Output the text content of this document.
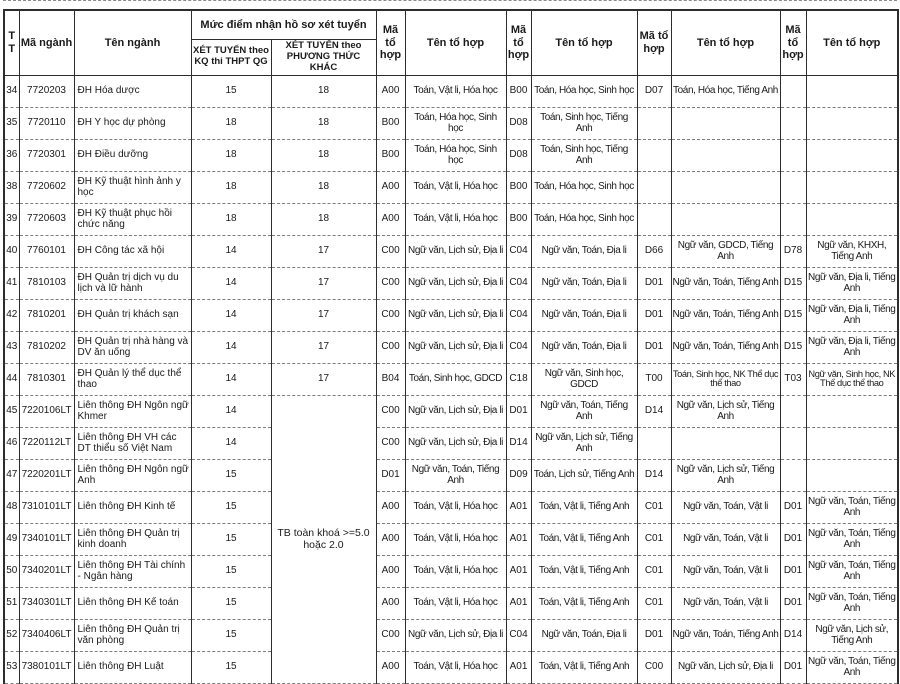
TT	Mã ngành	Tên ngành	Mức điểm nhận hồ sơ xét tuyển		Mã tổ hợp	Tên tổ hợp	Mã tổ hợp	Tên tổ hợp	Mã tổ hợp	Tên tổ hợp	Mã tổ hợp	Tên tổ hợp
			XÉT TUYỂN theo KQ thi THPT QG	XÉT TUYỂN theo PHƯƠNG THỨC KHÁC								
34	7720203	ĐH Hóa dược	15	18	A00	Toán, Vật li, Hóa học	B00	Toán, Hóa học, Sinh học	D07	Toán, Hóa học, Tiếng Anh		
35	7720110	ĐH Y học dự phòng	18	18	B00	Toán, Hóa học, Sinh học	D08	Toán, Sinh học, Tiếng Anh				
36	7720301	ĐH Điều dưỡng	18	18	B00	Toán, Hóa học, Sinh học	D08	Toán, Sinh học, Tiếng Anh				
38	7720602	ĐH Kỹ thuật hình ảnh y học	18	18	A00	Toán, Vật li, Hóa học	B00	Toán, Hóa học, Sinh học				
39	7720603	ĐH Kỹ thuật phục hồi chức năng	18	18	A00	Toán, Vật li, Hóa học	B00	Toán, Hóa học, Sinh học				
40	7760101	ĐH Công tác xã hội	14	17	C00	Ngữ văn, Lịch sử, Địa li	C04	Ngữ văn, Toán, Địa li	D66	Ngữ văn, GDCD, Tiếng Anh	D78	Ngữ văn, KHXH, Tiếng Anh
41	7810103	ĐH Quản trị dịch vụ du lịch và lữ hành	14	17	C00	Ngữ văn, Lịch sử, Địa li	C04	Ngữ văn, Toán, Địa li	D01	Ngữ văn, Toán, Tiếng Anh	D15	Ngữ văn, Địa li, Tiếng Anh
42	7810201	ĐH Quản trị khách sạn	14	17	C00	Ngữ văn, Lịch sử, Địa li	C04	Ngữ văn, Toán, Địa li	D01	Ngữ văn, Toán, Tiếng Anh	D15	Ngữ văn, Địa li, Tiếng Anh
43	7810202	ĐH Quản trị nhà hàng và DV ăn uống	14	17	C00	Ngữ văn, Lịch sử, Địa li	C04	Ngữ văn, Toán, Địa li	D01	Ngữ văn, Toán, Tiếng Anh	D15	Ngữ văn, Địa li, Tiếng Anh
44	7810301	ĐH Quản lý thể dục thể thao	14	17	B04	Toán, Sinh học, GDCD	C18	Ngữ văn, Sinh học, GDCD	T00	Toán, Sinh học, NK Thể dục thể thao	T03	Ngữ văn, Sinh học, NK Thể dục thể thao
45	7220106LT	Liên thông ĐH Ngôn ngữ Khmer	14	TB toàn khoá >=5.0 hoặc 2.0	C00	Ngữ văn, Lịch sử, Địa li	D01	Ngữ văn, Toán, Tiếng Anh	D14	Ngữ văn, Lịch sử, Tiếng Anh		
46	7220112LT	Liên thông ĐH VH các DT thiểu số Việt Nam	14		C00	Ngữ văn, Lịch sử, Địa li	D14	Ngữ văn, Lịch sử, Tiếng Anh				
47	7220201LT	Liên thông ĐH Ngôn ngữ Anh	15		D01	Ngữ văn, Toán, Tiếng Anh	D09	Toán, Lịch sử, Tiếng Anh	D14	Ngữ văn, Lịch sử, Tiếng Anh		
48	7310101LT	Liên thông ĐH Kinh tế	15		A00	Toán, Vật li, Hóa học	A01	Toán, Vật li, Tiếng Anh	C01	Ngữ văn, Toán, Vật li	D01	Ngữ văn, Toán, Tiếng Anh
49	7340101LT	Liên thông ĐH Quản trị kinh doanh	15		A00	Toán, Vật li, Hóa học	A01	Toán, Vật li, Tiếng Anh	C01	Ngữ văn, Toán, Vật li	D01	Ngữ văn, Toán, Tiếng Anh
50	7340201LT	Liên thông ĐH Tài chính - Ngân hàng	15		A00	Toán, Vật li, Hóa học	A01	Toán, Vật li, Tiếng Anh	C01	Ngữ văn, Toán, Vật li	D01	Ngữ văn, Toán, Tiếng Anh
51	7340301LT	Liên thông ĐH Kế toán	15		A00	Toán, Vật li, Hóa học	A01	Toán, Vật li, Tiếng Anh	C01	Ngữ văn, Toán, Vật li	D01	Ngữ văn, Toán, Tiếng Anh
52	7340406LT	Liên thông ĐH Quản trị văn phòng	15		C00	Ngữ văn, Lịch sử, Địa li	C04	Ngữ văn, Toán, Địa li	D01	Ngữ văn, Toán, Tiếng Anh	D14	Ngữ văn, Lịch sử, Tiếng Anh
53	7380101LT	Liên thông ĐH Luật	15		A00	Toán, Vật li, Hóa học	A01	Toán, Vật li, Tiếng Anh	C00	Ngữ văn, Lịch sử, Địa li	D01	Ngữ văn, Toán, Tiếng Anh
